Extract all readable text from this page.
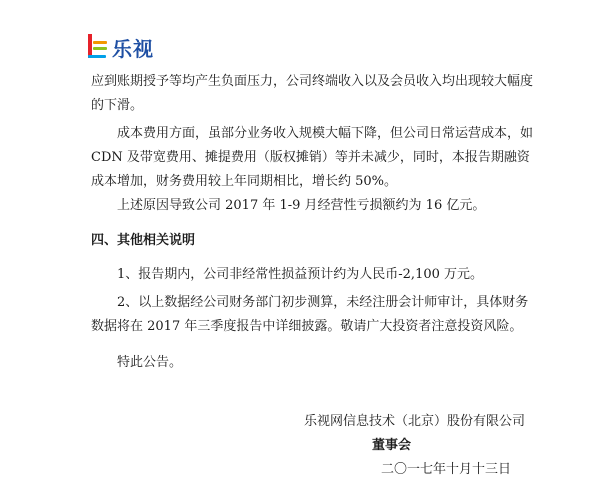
乐视

应到账期授予等均产生负面压力，公司终端收入以及会员收入均出现较大幅度的下滑。

成本费用方面，虽部分业务收入规模大幅下降，但公司日常运营成本，如CDN 及带宽费用、摊提费用（版权摊销）等并未减少，同时，本报告期融资成本增加，财务费用较上年同期相比，增长约 50%。

上述原因导致公司 2017 年 1-9 月经营性亏损额约为 16 亿元。

四、其他相关说明

1、报告期内，公司非经常性损益预计约为人民币-2,100 万元。

2、以上数据经公司财务部门初步测算，未经注册会计师审计，具体财务数据将在 2017 年三季度报告中详细披露。敬请广大投资者注意投资风险。

特此公告。

乐视网信息技术（北京）股份有限公司

董事会

二〇一七年十月十三日
